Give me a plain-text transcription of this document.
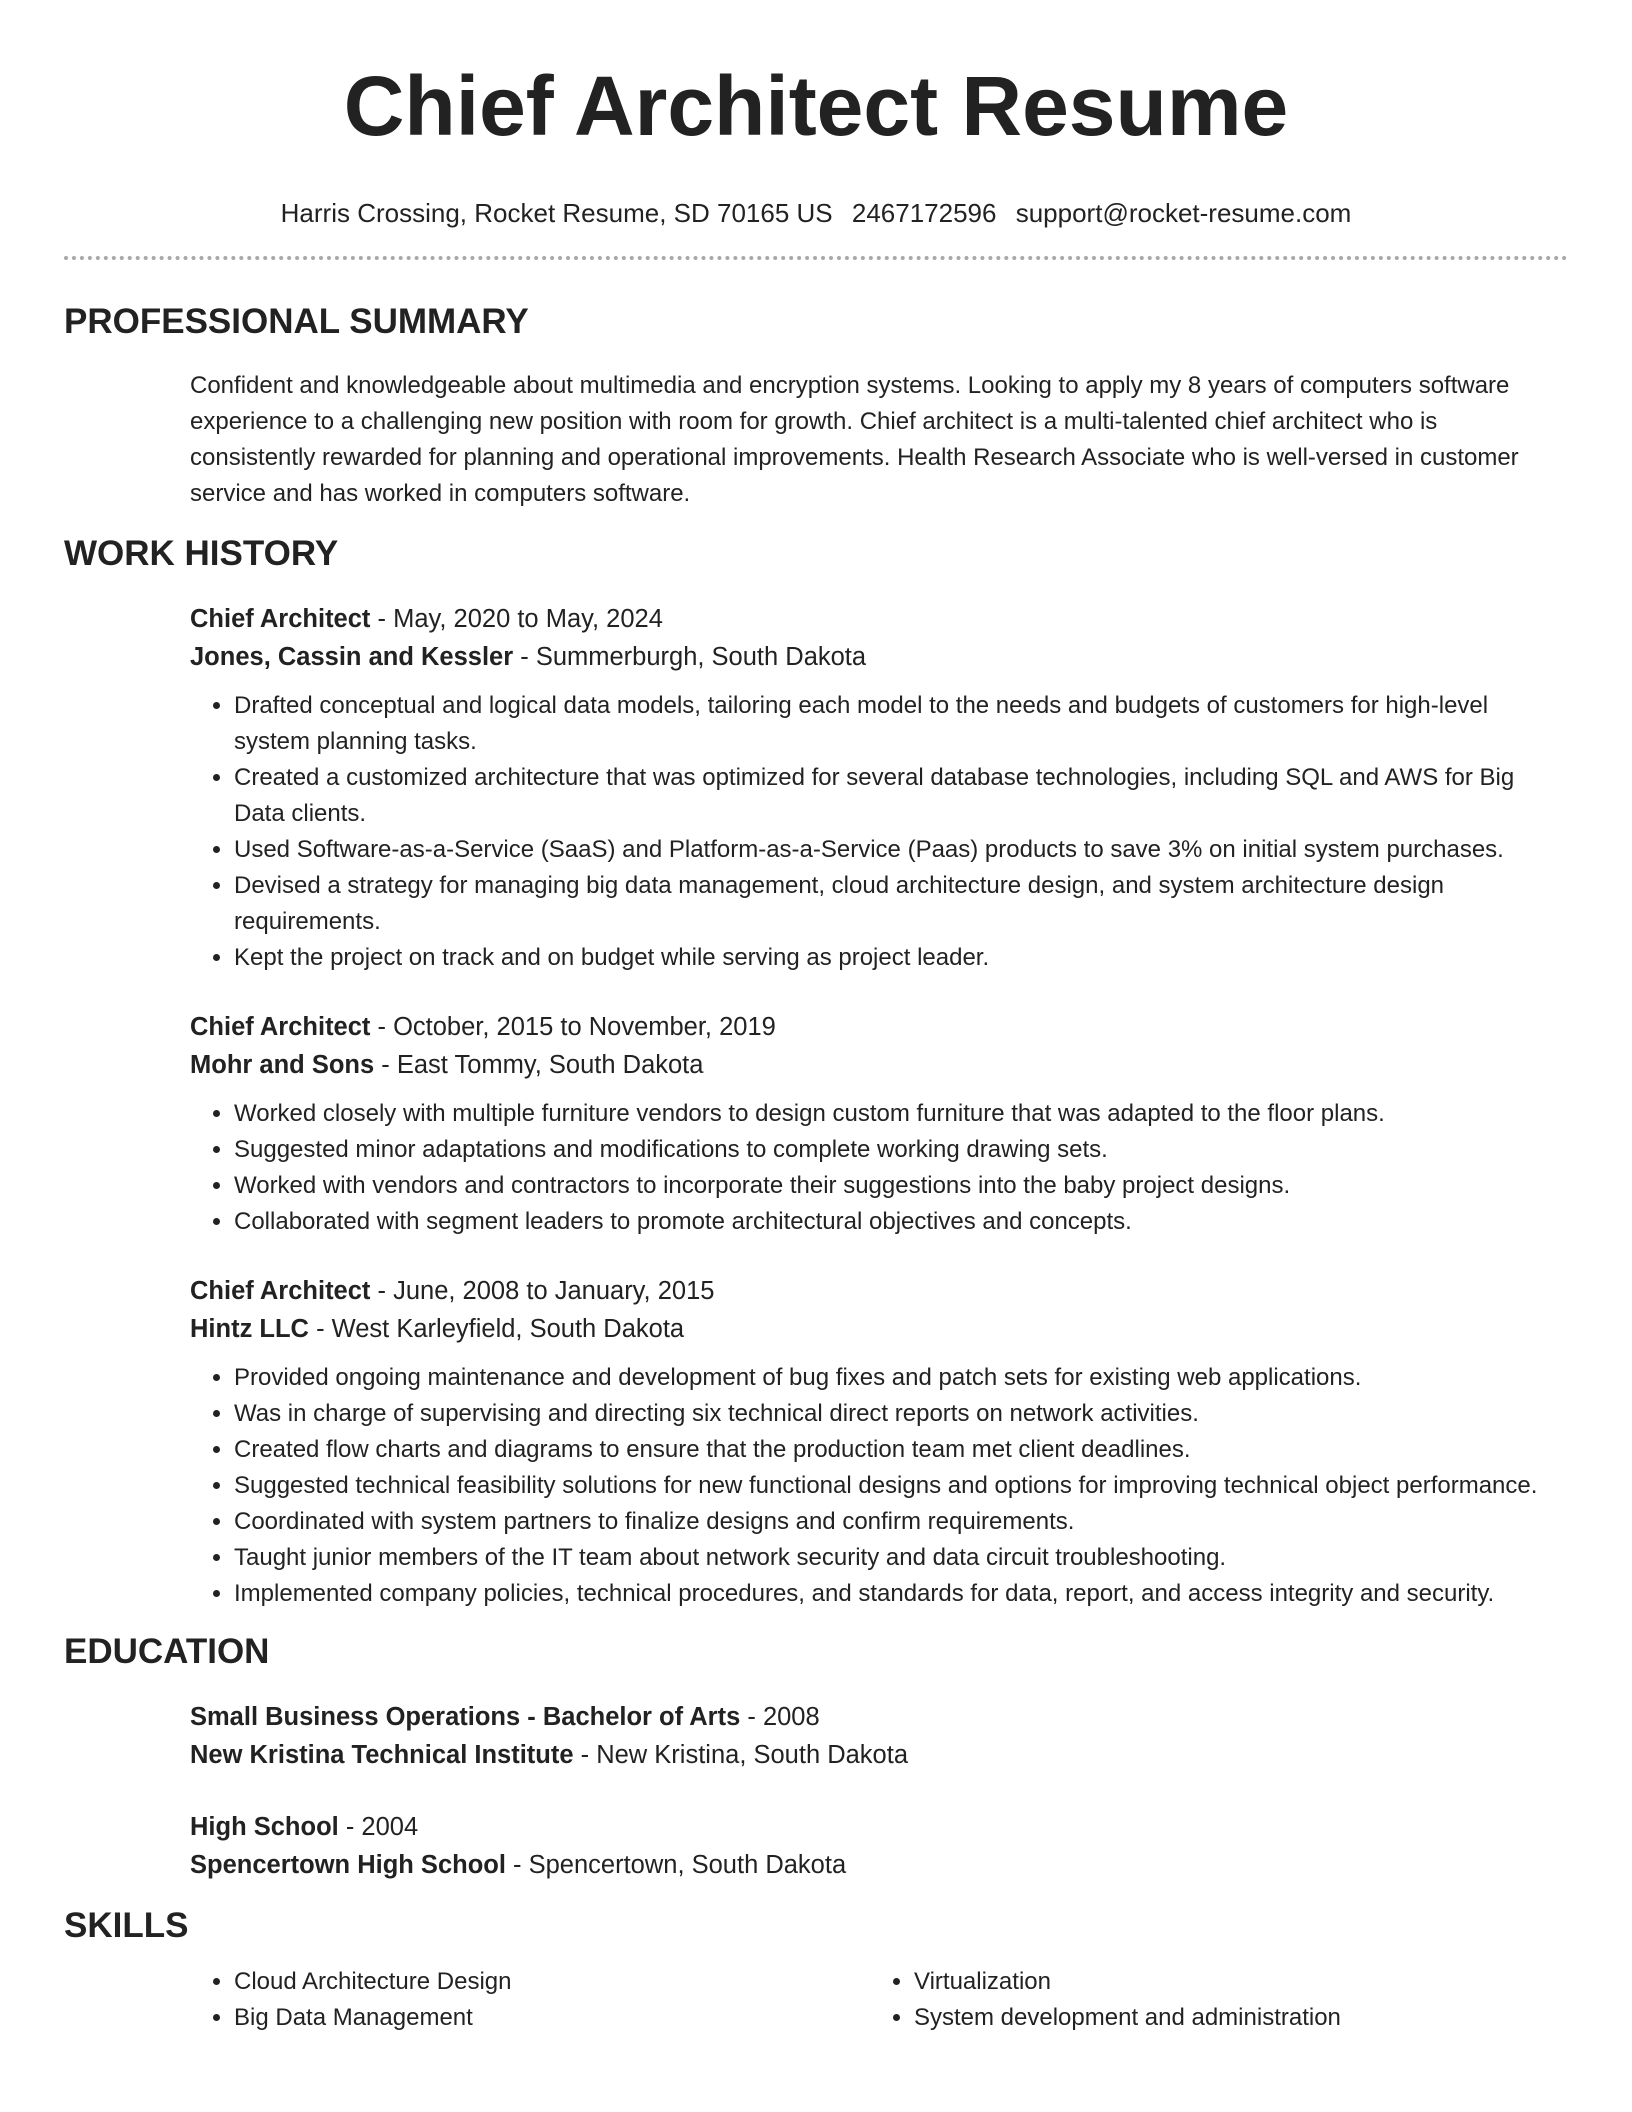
Chief Architect Resume
Harris Crossing, Rocket Resume, SD 70165 US 2467172596 support@rocket-resume.com
PROFESSIONAL SUMMARY
Confident and knowledgeable about multimedia and encryption systems. Looking to apply my 8 years of computers software experience to a challenging new position with room for growth. Chief architect is a multi-talented chief architect who is consistently rewarded for planning and operational improvements. Health Research Associate who is well-versed in customer service and has worked in computers software.
WORK HISTORY
Chief Architect - May, 2020 to May, 2024
Jones, Cassin and Kessler - Summerburgh, South Dakota
• Drafted conceptual and logical data models, tailoring each model to the needs and budgets of customers for high-level system planning tasks.
• Created a customized architecture that was optimized for several database technologies, including SQL and AWS for Big Data clients.
• Used Software-as-a-Service (SaaS) and Platform-as-a-Service (Paas) products to save 3% on initial system purchases.
• Devised a strategy for managing big data management, cloud architecture design, and system architecture design requirements.
• Kept the project on track and on budget while serving as project leader.
Chief Architect - October, 2015 to November, 2019
Mohr and Sons - East Tommy, South Dakota
• Worked closely with multiple furniture vendors to design custom furniture that was adapted to the floor plans.
• Suggested minor adaptations and modifications to complete working drawing sets.
• Worked with vendors and contractors to incorporate their suggestions into the baby project designs.
• Collaborated with segment leaders to promote architectural objectives and concepts.
Chief Architect - June, 2008 to January, 2015
Hintz LLC - West Karleyfield, South Dakota
• Provided ongoing maintenance and development of bug fixes and patch sets for existing web applications.
• Was in charge of supervising and directing six technical direct reports on network activities.
• Created flow charts and diagrams to ensure that the production team met client deadlines.
• Suggested technical feasibility solutions for new functional designs and options for improving technical object performance.
• Coordinated with system partners to finalize designs and confirm requirements.
• Taught junior members of the IT team about network security and data circuit troubleshooting.
• Implemented company policies, technical procedures, and standards for data, report, and access integrity and security.
EDUCATION
Small Business Operations - Bachelor of Arts - 2008
New Kristina Technical Institute - New Kristina, South Dakota
High School - 2004
Spencertown High School - Spencertown, South Dakota
SKILLS
• Cloud Architecture Design
• Big Data Management
• Virtualization
• System development and administration
